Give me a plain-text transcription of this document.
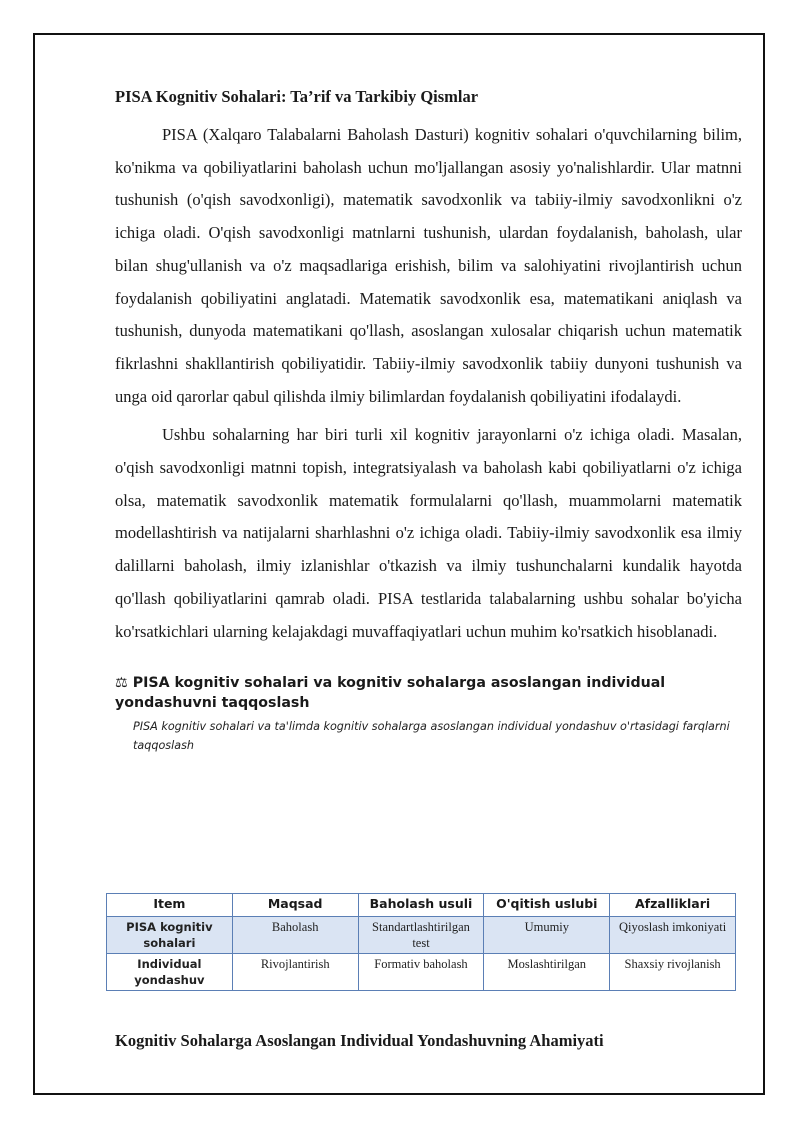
PISA Kognitiv Sohalari: Ta’rif va Tarkibiy Qismlar

PISA (Xalqaro Talabalarni Baholash Dasturi) kognitiv sohalari o'quvchilarning bilim, ko'nikma va qobiliyatlarini baholash uchun mo'ljallangan asosiy yo'nalishlardir. Ular matnni tushunish (o'qish savodxonligi), matematik savodxonlik va tabiiy-ilmiy savodxonlikni o'z ichiga oladi. O'qish savodxonligi matnlarni tushunish, ulardan foydalanish, baholash, ular bilan shug'ullanish va o'z maqsadlariga erishish, bilim va salohiyatini rivojlantirish uchun foydalanish qobiliyatini anglatadi. Matematik savodxonlik esa, matematikani aniqlash va tushunish, dunyoda matematikani qo'llash, asoslangan xulosalar chiqarish uchun matematik fikrlashni shakllantirish qobiliyatidir. Tabiiy-ilmiy savodxonlik tabiiy dunyoni tushunish va unga oid qarorlar qabul qilishda ilmiy bilimlardan foydalanish qobiliyatini ifodalaydi.

Ushbu sohalarning har biri turli xil kognitiv jarayonlarni o'z ichiga oladi. Masalan, o'qish savodxonligi matnni topish, integratsiyalash va baholash kabi qobiliyatlarni o'z ichiga olsa, matematik savodxonlik matematik formulalarni qo'llash, muammolarni matematik modellashtirish va natijalarni sharhlashni o'z ichiga oladi. Tabiiy-ilmiy savodxonlik esa ilmiy dalillarni baholash, ilmiy izlanishlar o'tkazish va ilmiy tushunchalarni kundalik hayotda qo'llash qobiliyatlarini qamrab oladi. PISA testlarida talabalarning ushbu sohalar bo'yicha ko'rsatkichlari ularning kelajakdagi muvaffaqiyatlari uchun muhim ko'rsatkich hisoblanadi.

⚖ PISA kognitiv sohalari va kognitiv sohalarga asoslangan individual yondashuvni taqqoslash
PISA kognitiv sohalari va ta'limda kognitiv sohalarga asoslangan individual yondashuv o'rtasidagi farqlarni taqqoslash
Item	Maqsad	Baholash usuli	O'qitish uslubi	Afzalliklari
PISA kognitiv sohalari	Baholash	Standartlashtirilgan test	Umumiy	Qiyoslash imkoniyati
Individual yondashuv	Rivojlantirish	Formativ baholash	Moslashtirilgan	Shaxsiy rivojlanish
Kognitiv Sohalarga Asoslangan Individual Yondashuvning Ahamiyati
